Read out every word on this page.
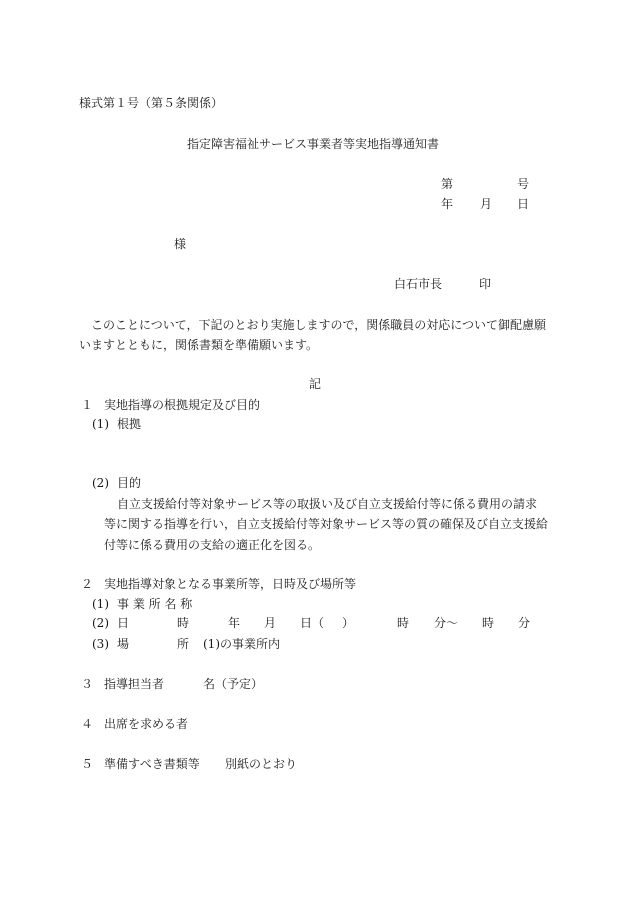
様式第１号（第５条関係）
指定障害福祉サービス事業者等実地指導通知書
第	号
年 月 日
様
白石市長	印
このことについて，下記のとおり実施しますので，関係職員の対応について御配慮願
いますとともに，関係書類を準備願います。
記
１ 実地指導の根拠規定及び目的
(1) 根拠
(2) 目的
自立支援給付等対象サービス等の取扱い及び自立支援給付等に係る費用の請求
等に関する指導を行い，自立支援給付等対象サービス等の質の確保及び自立支援給
付等に係る費用の支給の適正化を図る。
２ 実地指導対象となる事業所等，日時及び場所等
(1) 事 業 所 名 称
(2) 日	時	年 月 日（ ）	時 分～ 時 分
(3) 場	所 (1)の事業所内
３ 指導担当者	名（予定）
４ 出席を求める者
５ 準備すべき書類等 別紙のとおり
